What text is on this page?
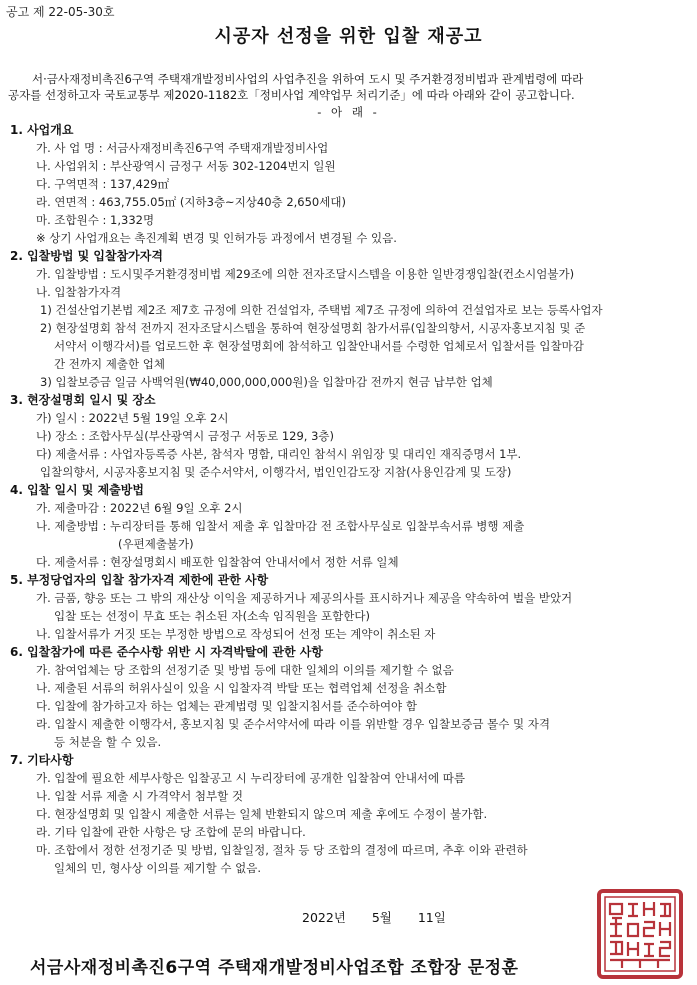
공고 제 22-05-30호
시공자 선정을 위한 입찰 재공고
서·금사재정비촉진6구역 주택재개발정비사업의 사업추진을 위하여 도시 및 주거환경정비법과 관계법령에 따라
공자를 선정하고자 국토교통부 제2020-1182호「정비사업 계약업무 처리기준」에 따라 아래와 같이 공고합니다.
- 아 래 -
1. 사업개요
가. 사 업 명 : 서금사재정비촉진6구역 주택재개발정비사업
나. 사업위치 : 부산광역시 금정구 서동 302-1204번지 일원
다. 구역면적 : 137,429㎡
라. 연면적 : 463,755.05㎡ (지하3층~지상40층 2,650세대)
마. 조합원수 : 1,332명
※ 상기 사업개요는 촉진계획 변경 및 인허가등 과정에서 변경될 수 있음.
2. 입찰방법 및 입찰참가자격
가. 입찰방법 : 도시및주거환경정비법 제29조에 의한 전자조달시스템을 이용한 일반경쟁입찰(컨소시엄불가)
나. 입찰참가자격
1) 건설산업기본법 제2조 제7호 규정에 의한 건설업자, 주택법 제7조 규정에 의하여 건설업자로 보는 등록사업자
2) 현장설명회 참석 전까지 전자조달시스템을 통하여 현장설명회 참가서류(입찰의향서, 시공자홍보지침 및 준
서약서 이행각서)를 업로드한 후 현장설명회에 참석하고 입찰안내서를 수령한 업체로서 입찰서를 입찰마감
간 전까지 제출한 업체
3) 입찰보증금 일금 사백억원(₩40,000,000,000원)을 입찰마감 전까지 현금 납부한 업체
3. 현장설명회 일시 및 장소
가) 일시 : 2022년 5월 19일 오후 2시
나) 장소 : 조합사무실(부산광역시 금정구 서동로 129, 3층)
다) 제출서류 : 사업자등록증 사본, 참석자 명함, 대리인 참석시 위임장 및 대리인 재직증명서 1부.
입찰의향서, 시공자홍보지침 및 준수서약서, 이행각서, 법인인감도장 지참(사용인감계 및 도장)
4. 입찰 일시 및 제출방법
가. 제출마감 : 2022년 6월 9일 오후 2시
나. 제출방법 : 누리장터를 통해 입찰서 제출 후 입찰마감 전 조합사무실로 입찰부속서류 병행 제출
(우편제출불가)
다. 제출서류 : 현장설명회시 배포한 입찰참여 안내서에서 정한 서류 일체
5. 부정당업자의 입찰 참가자격 제한에 관한 사항
가. 금품, 향응 또는 그 밖의 재산상 이익을 제공하거나 제공의사를 표시하거나 제공을 약속하여 벌을 받았거
입찰 또는 선정이 무효 또는 취소된 자(소속 임직원을 포함한다)
나. 입찰서류가 거짓 또는 부정한 방법으로 작성되어 선정 또는 계약이 취소된 자
6. 입찰참가에 따른 준수사항 위반 시 자격박탈에 관한 사항
가. 참여업체는 당 조합의 선정기준 및 방법 등에 대한 일체의 이의를 제기할 수 없음
나. 제출된 서류의 허위사실이 있을 시 입찰자격 박탈 또는 협력업체 선정을 취소함
다. 입찰에 참가하고자 하는 업체는 관계법령 및 입찰지침서를 준수하여야 함
라. 입찰시 제출한 이행각서, 홍보지침 및 준수서약서에 따라 이를 위반할 경우 입찰보증금 몰수 및 자격
등 처분을 할 수 있음.
7. 기타사항
가. 입찰에 필요한 세부사항은 입찰공고 시 누리장터에 공개한 입찰참여 안내서에 따름
나. 입찰 서류 제출 시 가격약서 첨부할 것
다. 현장설명회 및 입찰시 제출한 서류는 일체 반환되지 않으며 제출 후에도 수정이 불가함.
라. 기타 입찰에 관한 사항은 당 조합에 문의 바랍니다.
마. 조합에서 정한 선정기준 및 방법, 입찰일정, 절차 등 당 조합의 결정에 따르며, 추후 이와 관련하
일체의 민, 형사상 이의를 제기할 수 없음.
2022년 5월 11일
서금사재정비촉진6구역 주택재개발정비사업조합 조합장 문정훈
